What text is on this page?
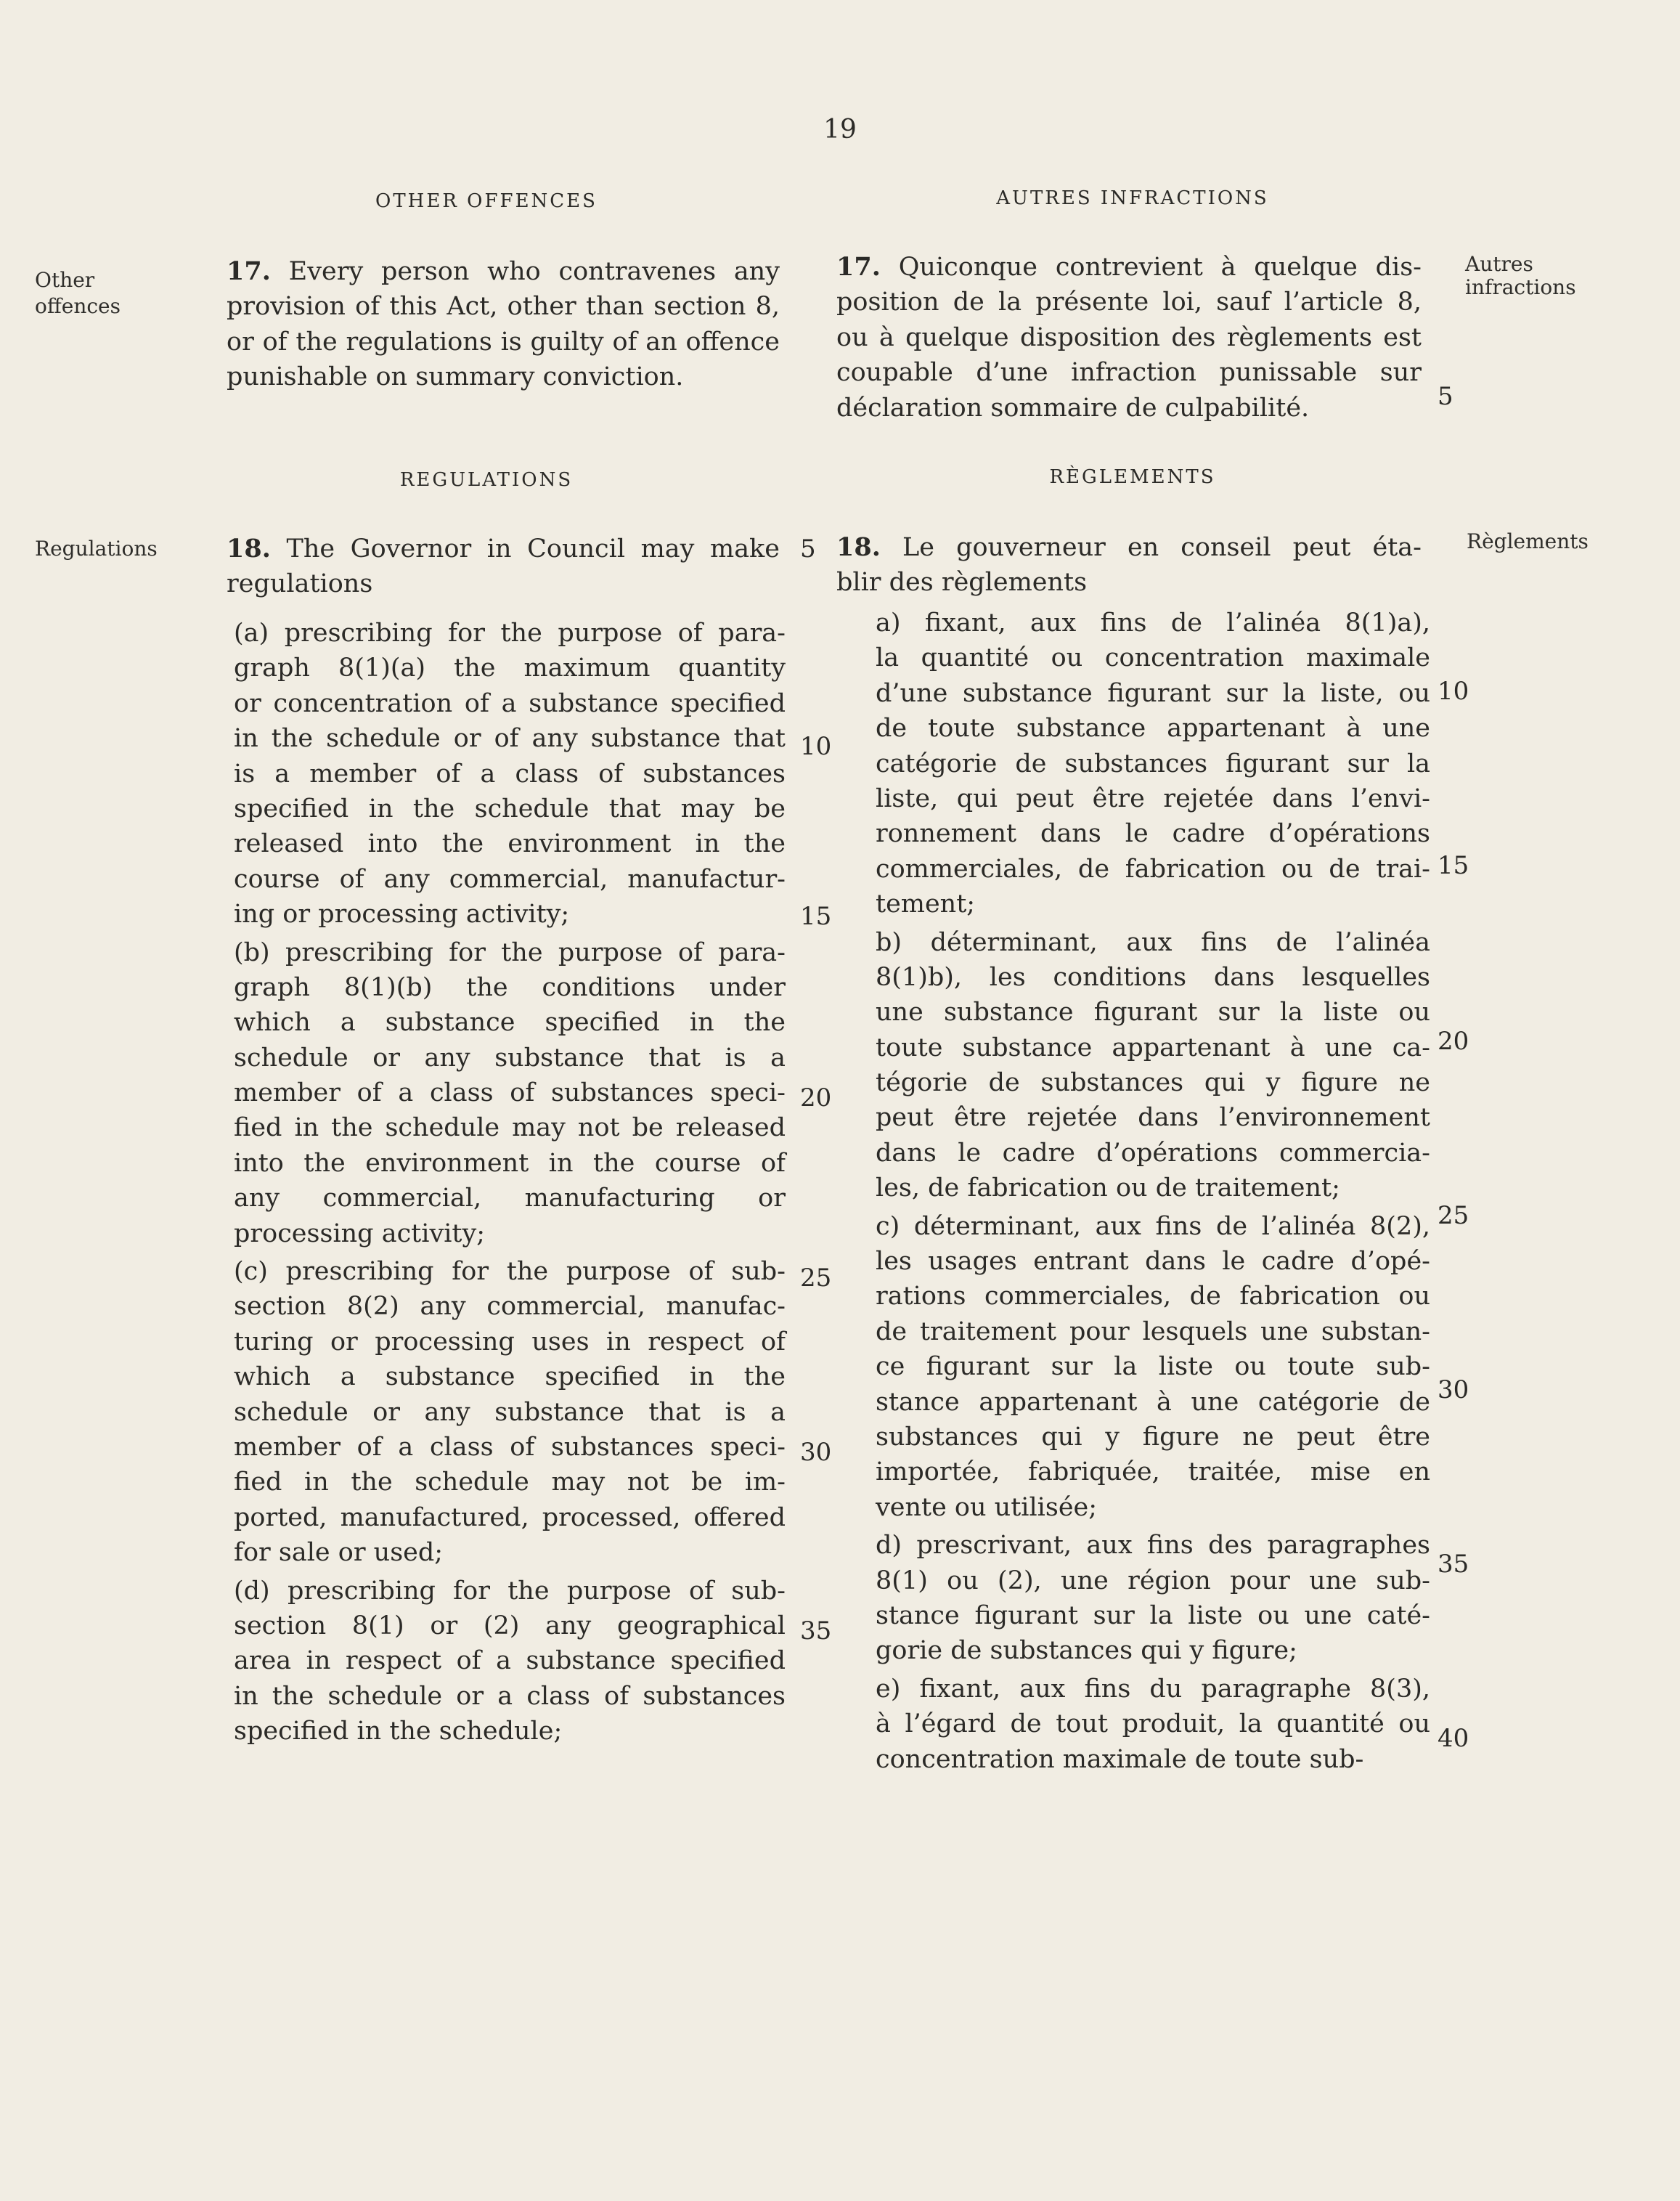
19
OTHER OFFENCES
REGULATIONS
Other
offences
Regulations
17. Every person who contravenes any
provision of this Act, other than section 8,
or of the regulations is guilty of an offence
punishable on summary conviction.
18. The Governor in Council may make
regulations
(a) prescribing for the purpose of para-
graph 8(1)(a) the maximum quantity
or concentration of a substance specified
in the schedule or of any substance that
is a member of a class of substances
specified in the schedule that may be
released into the environment in the
course of any commercial, manufactur-
ing or processing activity;
(b) prescribing for the purpose of para-
graph 8(1)(b) the conditions under
which a substance specified in the
schedule or any substance that is a
member of a class of substances speci-
fied in the schedule may not be released
into the environment in the course of
any commercial, manufacturing or
processing activity;
(c) prescribing for the purpose of sub-
section 8(2) any commercial, manufac-
turing or processing uses in respect of
which a substance specified in the
schedule or any substance that is a
member of a class of substances speci-
fied in the schedule may not be im-
ported, manufactured, processed, offered
for sale or used;
(d) prescribing for the purpose of sub-
section 8(1) or (2) any geographical
area in respect of a substance specified
in the schedule or a class of substances
specified in the schedule;
AUTRES INFRACTIONS
RÈGLEMENTS
Autres
infractions
Règlements
17. Quiconque contrevient à quelque dis-
position de la présente loi, sauf l’article 8,
ou à quelque disposition des règlements est
coupable d’une infraction punissable sur
déclaration sommaire de culpabilité.
18. Le gouverneur en conseil peut éta-
blir des règlements
a) fixant, aux fins de l’alinéa 8(1)a),
la quantité ou concentration maximale
d’une substance figurant sur la liste, ou
de toute substance appartenant à une
catégorie de substances figurant sur la
liste, qui peut être rejetée dans l’envi-
ronnement dans le cadre d’opérations
commerciales, de fabrication ou de trai-
tement;
b) déterminant, aux fins de l’alinéa
8(1)b), les conditions dans lesquelles
une substance figurant sur la liste ou
toute substance appartenant à une ca-
tégorie de substances qui y figure ne
peut être rejetée dans l’environnement
dans le cadre d’opérations commercia-
les, de fabrication ou de traitement;
c) déterminant, aux fins de l’alinéa 8(2),
les usages entrant dans le cadre d’opé-
rations commerciales, de fabrication ou
de traitement pour lesquels une substan-
ce figurant sur la liste ou toute sub-
stance appartenant à une catégorie de
substances qui y figure ne peut être
importée, fabriquée, traitée, mise en
vente ou utilisée;
d) prescrivant, aux fins des paragraphes
8(1) ou (2), une région pour une sub-
stance figurant sur la liste ou une caté-
gorie de substances qui y figure;
e) fixant, aux fins du paragraphe 8(3),
à l’égard de tout produit, la quantité ou
concentration maximale de toute sub-
5
10
15
20
25
30
35
5
10
15
20
25
30
35
40
